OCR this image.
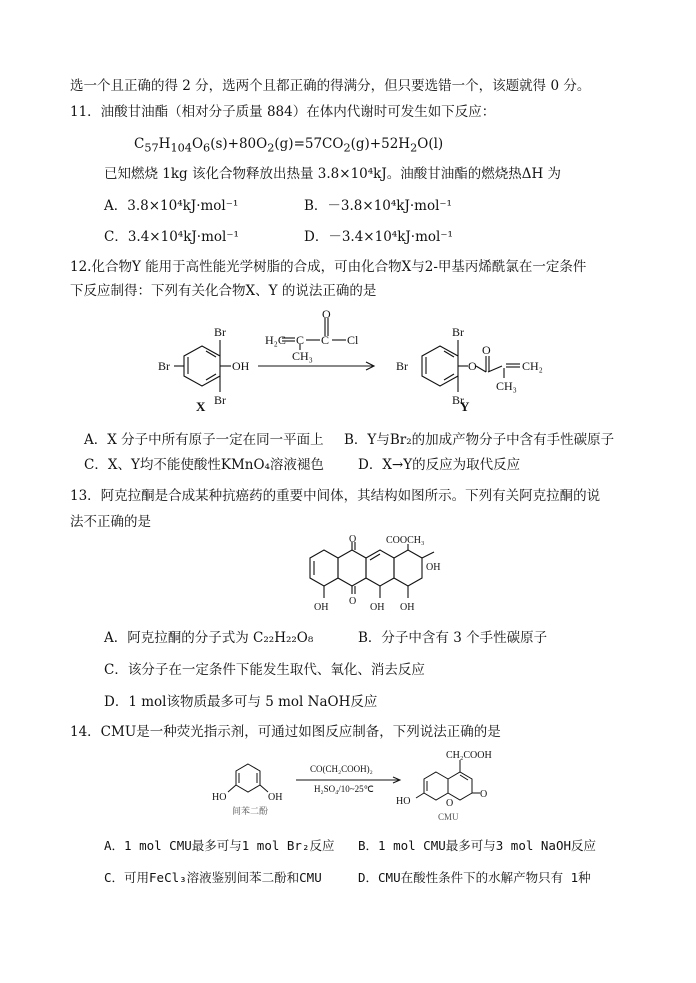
选一个且正确的得 2 分，选两个且都正确的得满分，但只要选错一个，该题就得 0 分。
11．油酸甘油酯（相对分子质量 884）在体内代谢时可发生如下反应：
$C_{57}H_{104}O_6(s)+80O_2(g)=57CO_2(g)+52H_2O(l)$
已知燃烧 1kg 该化合物释放出热量 3.8×10⁴kJ。油酸甘油酯的燃烧热ΔH 为
A．3.8×10⁴kJ·mol⁻¹	B．－3.8×10⁴kJ·mol⁻¹
C．3.4×10⁴kJ·mol⁻¹	D．－3.4×10⁴kJ·mol⁻¹
12.化合物Y 能用于高性能光学树脂的合成，可由化合物X与2-甲基丙烯酰氯在一定条件
下反应制得：下列有关化合物X、Y 的说法正确的是
Br
Br
Br
OH
X
H₂C C C
O
Cl
CH₃
Br
Br
Br
O
O
CH₂
CH₃
Y
A．X 分子中所有原子一定在同一平面上 B．Y与Br₂的加成产物分子中含有手性碳原子
C．X、Y均不能使酸性KMnO₄溶液褪色	D．X→Y的反应为取代反应
13．阿克拉酮是合成某种抗癌药的重要中间体，其结构如图所示。下列有关阿克拉酮的说
法不正确的是
O
O
COOCH₃
OH
OH	OH OH
A．阿克拉酮的分子式为 C₂₂H₂₂O₈	B．分子中含有 3 个手性碳原子
C．该分子在一定条件下能发生取代、氧化、消去反应
D．1 mol该物质最多可与 5 mol NaOH反应
14．CMU是一种荧光指示剂，可通过如图反应制备，下列说法正确的是
HO	OH
间苯二酚
CO(CH₂COOH)₂
H₂SO₄/10~25℃
CH₂COOH
HO	O
O
CMU
A．1 mol CMU最多可与1 mol Br₂反应 B．1 mol CMU最多可与3 mol NaOH反应
C．可用FeCl₃溶液鉴别间苯二酚和CMU	D．CMU在酸性条件下的水解产物只有 1种
